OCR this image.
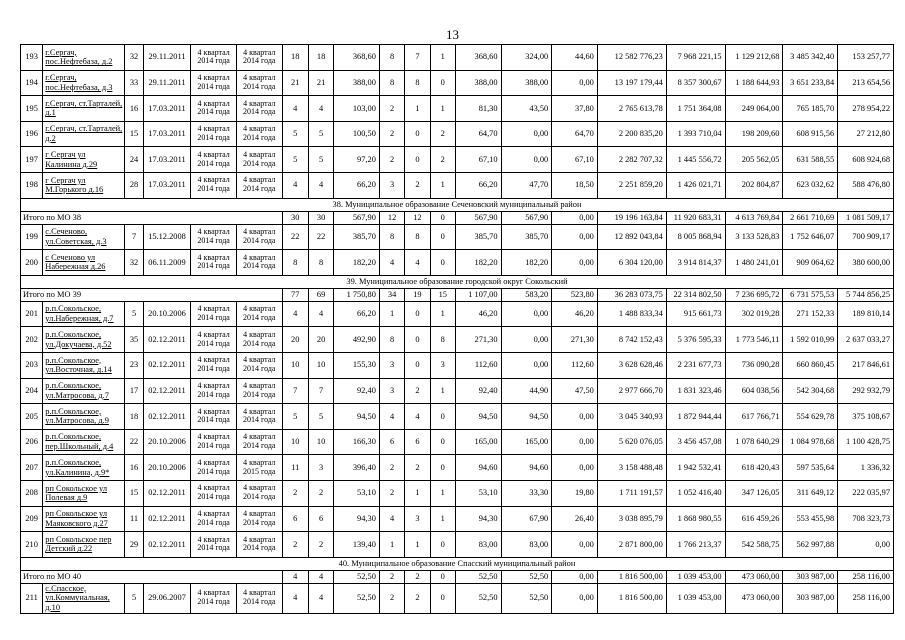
13
193	г.Сергач, пос.Нефтебаза, д.2	32	29.11.2011	4 квартал 2014 года	4 квартал 2014 года	18	18	368,60	8	7	1	368,60	324,00	44,60	12 582 776,23	7 968 221,15	1 129 212,68	3 485 342,40	153 257,77
194	г.Сергач, пос.Нефтебаза, д.3	33	29.11.2011	4 квартал 2014 года	4 квартал 2014 года	21	21	388,00	8	8	0	388,00	388,00	0,00	13 197 179,44	8 357 300,67	1 188 644,93	3 651 233,84	213 654,56
195	г.Сергач, ст.Тарталей, д.1	16	17.03.2011	4 квартал 2014 года	4 квартал 2014 года	4	4	103,00	2	1	1	81,30	43,50	37,80	2 765 613,78	1 751 364,08	249 064,00	765 185,70	278 954,22
196	г.Сергач, ст.Тарталей, д.2	15	17.03.2011	4 квартал 2014 года	4 квартал 2014 года	5	5	100,50	2	0	2	64,70	0,00	64,70	2 200 835,20	1 393 710,04	198 209,60	608 915,56	27 212,80
197	г Сергач ул Калинина д.29	24	17.03.2011	4 квартал 2014 года	4 квартал 2014 года	5	5	97,20	2	0	2	67,10	0,00	67,10	2 282 707,32	1 445 556,72	205 562,05	631 588,55	608 924,68
198	г Сергач ул М.Горького д.16	28	17.03.2011	4 квартал 2014 года	4 квартал 2014 года	4	4	66,20	3	2	1	66,20	47,70	18,50	2 251 859,20	1 426 021,71	202 804,87	623 032,62	588 476,80
38. Муниципальное образование Сеченовский муниципальный район																			
Итого по МО 38						30	30	567,90	12	12	0	567,90	567,90	0,00	19 196 163,84	11 920 683,31	4 613 769,84	2 661 710,69	1 081 509,17
199	с.Сеченово, ул.Советская, д.3	7	15.12.2008	4 квартал 2014 года	4 квартал 2014 года	22	22	385,70	8	8	0	385,70	385,70	0,00	12 892 043,84	8 005 868,94	3 133 528,83	1 752 646,07	700 909,17
200	с Сеченово ул Набережная д.26	32	06.11.2009	4 квартал 2014 года	4 квартал 2014 года	8	8	182,20	4	4	0	182,20	182,20	0,00	6 304 120,00	3 914 814,37	1 480 241,01	909 064,62	380 600,00
39. Муниципальное образование городской округ Сокольский																			
Итого по МО 39						77	69	1 750,80	34	19	15	1 107,00	583,20	523,80	36 283 073,75	22 314 802,50	7 236 695,72	6 731 575,53	5 744 856,25
201	р.п.Сокольское, ул.Набережная, д.7	5	20.10.2006	4 квартал 2014 года	4 квартал 2014 года	4	4	66,20	1	0	1	46,20	0,00	46,20	1 488 833,34	915 661,73	302 019,28	271 152,33	189 810,14
202	р.п.Сокольское, ул.Докучаева, д.52	35	02.12.2011	4 квартал 2014 года	4 квартал 2014 года	20	20	492,90	8	0	8	271,30	0,00	271,30	8 742 152,43	5 376 595,33	1 773 546,11	1 592 010,99	2 637 033,27
203	р.п.Сокольское, ул.Восточная, д.14	23	02.12.2011	4 квартал 2014 года	4 квартал 2014 года	10	10	155,30	3	0	3	112,60	0,00	112,60	3 628 628,46	2 231 677,73	736 090,28	660 860,45	217 846,61
204	р.п.Сокольское, ул.Матросова, д.7	17	02.12.2011	4 квартал 2014 года	4 квартал 2014 года	7	7	92,40	3	2	1	92,40	44,90	47,50	2 977 666,70	1 831 323,46	604 038,56	542 304,68	292 932,79
205	р.п.Сокольское, ул.Матросова, д.9	18	02.12.2011	4 квартал 2014 года	4 квартал 2014 года	5	5	94,50	4	4	0	94,50	94,50	0,00	3 045 340,93	1 872 944,44	617 766,71	554 629,78	375 108,67
206	р.п.Сокольское, пер.Школьный, д.4	22	20.10.2006	4 квартал 2014 года	4 квартал 2014 года	10	10	166,30	6	6	0	165,00	165,00	0,00	5 620 076,05	3 456 457,08	1 078 640,29	1 084 978,68	1 100 428,75
207	р.п.Сокольское, ул.Калинина, д.9*	16	20.10.2006	4 квартал 2014 года	4 квартал 2015 года	11	3	396,40	2	2	0	94,60	94,60	0,00	3 158 488,48	1 942 532,41	618 420,43	597 535,64	1 336,32
208	рп Сокольское ул Полевая д.9	15	02.12.2011	4 квартал 2014 года	4 квартал 2014 года	2	2	53,10	2	1	1	53,10	33,30	19,80	1 711 191,57	1 052 416,40	347 126,05	311 649,12	222 035,97
209	рп Сокольское ул Маяковского д.27	11	02.12.2011	4 квартал 2014 года	4 квартал 2014 года	6	6	94,30	4	3	1	94,30	67,90	26,40	3 038 895,79	1 868 980,55	616 459,26	553 455,98	708 323,73
210	рп Сокольское пер Детский д.22	29	02.12.2011	4 квартал 2014 года	4 квартал 2014 года	2	2	139,40	1	1	0	83,00	83,00	0,00	2 871 800,00	1 766 213,37	542 588,75	562 997,88	0,00
40. Муниципальное образование Спасский муниципальный район																			
Итого по МО 40						4	4	52,50	2	2	0	52,50	52,50	0,00	1 816 500,00	1 039 453,00	473 060,00	303 987,00	258 116,00
211	с.Спасское, ул.Коммунальная, д.10	5	29.06.2007	4 квартал 2014 года	4 квартал 2014 года	4	4	52,50	2	2	0	52,50	52,50	0,00	1 816 500,00	1 039 453,00	473 060,00	303 987,00	258 116,00
